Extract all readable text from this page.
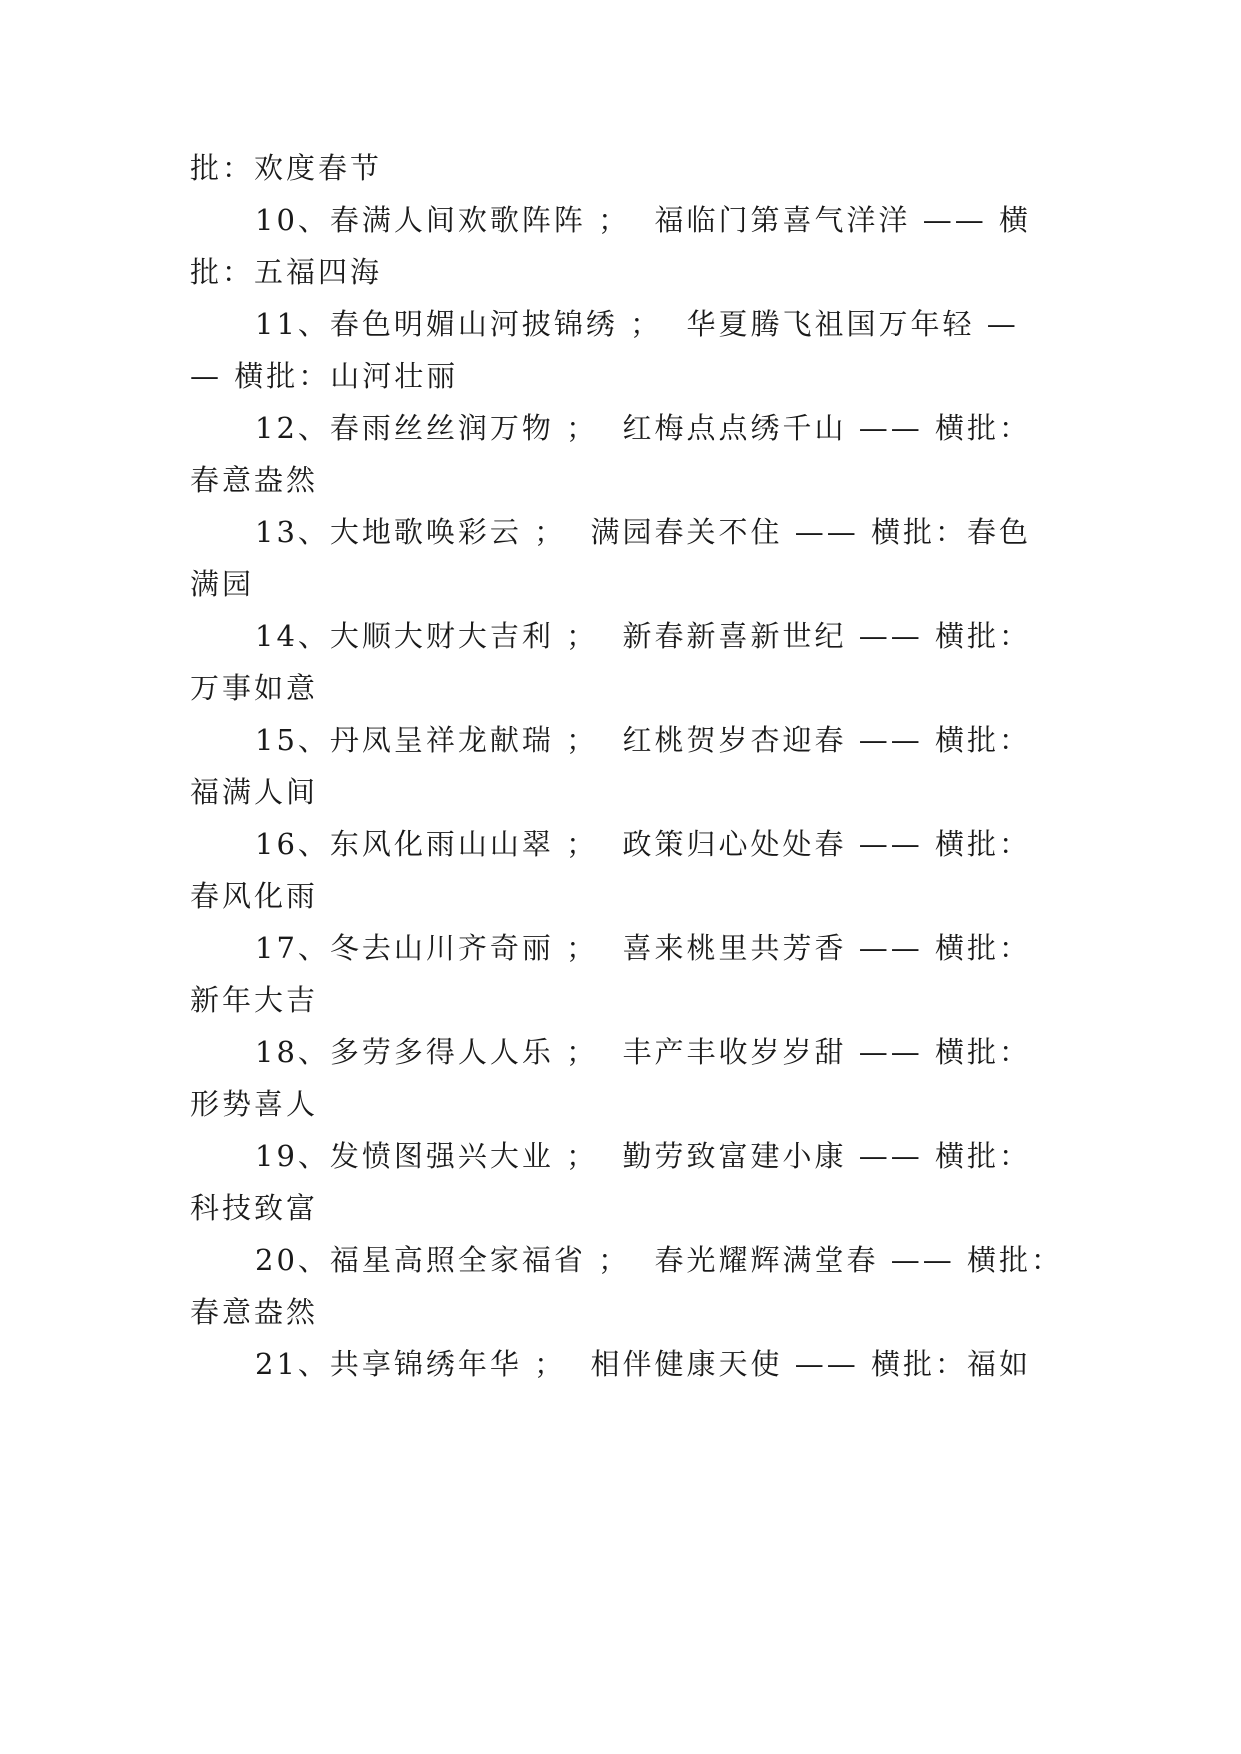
批：欢度春节
10、春满人间欢歌阵阵 ；  福临门第喜气洋洋 —— 横
批：五福四海
11、春色明媚山河披锦绣 ；  华夏腾飞祖国万年轻 —
— 横批：山河壮丽
12、春雨丝丝润万物 ；  红梅点点绣千山 —— 横批：
春意盎然
13、大地歌唤彩云 ；  满园春关不住 —— 横批：春色
满园
14、大顺大财大吉利 ；  新春新喜新世纪 —— 横批：
万事如意
15、丹凤呈祥龙献瑞 ；  红桃贺岁杏迎春 —— 横批：
福满人间
16、东风化雨山山翠 ；  政策归心处处春 —— 横批：
春风化雨
17、冬去山川齐奇丽 ；  喜来桃里共芳香 —— 横批：
新年大吉
18、多劳多得人人乐 ；  丰产丰收岁岁甜 —— 横批：
形势喜人
19、发愤图强兴大业 ；  勤劳致富建小康 —— 横批：
科技致富
20、福星高照全家福省 ；  春光耀辉满堂春 —— 横批：
春意盎然
21、共享锦绣年华 ；  相伴健康天使 —— 横批：福如
